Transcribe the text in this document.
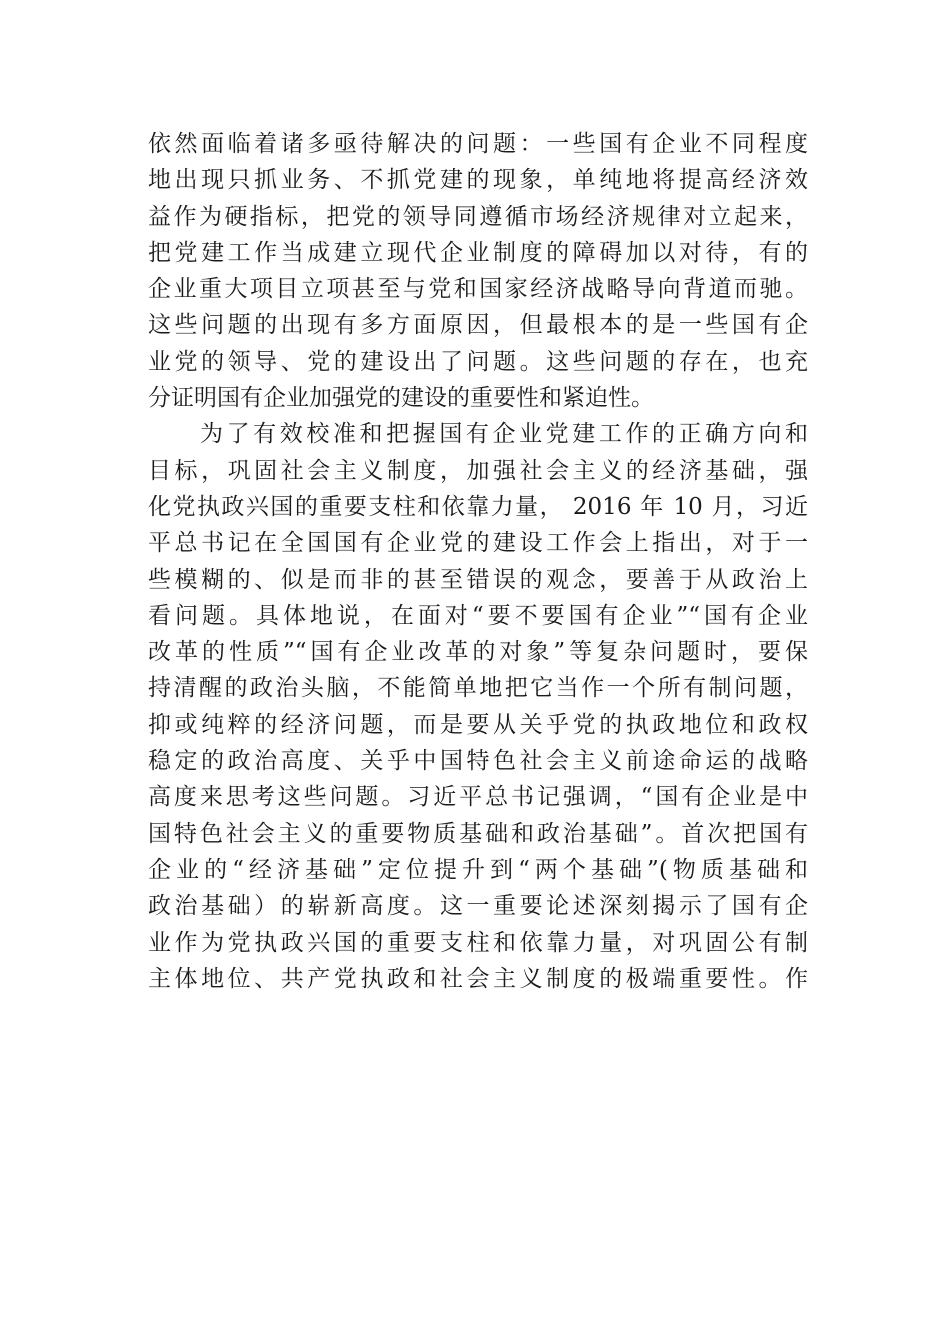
依然面临着诸多亟待解决的问题：一些国有企业不同程度
地出现只抓业务、不抓党建的现象，单纯地将提高经济效
益作为硬指标，把党的领导同遵循市场经济规律对立起来，
把党建工作当成建立现代企业制度的障碍加以对待，有的
企业重大项目立项甚至与党和国家经济战略导向背道而驰。
这些问题的出现有多方面原因，但最根本的是一些国有企
业党的领导、党的建设出了问题。这些问题的存在，也充
分证明国有企业加强党的建设的重要性和紧迫性。
为了有效校准和把握国有企业党建工作的正确方向和
目标，巩固社会主义制度，加强社会主义的经济基础，强
化党执政兴国的重要支柱和依靠力量， 2016 年 10 月，习近
平总书记在全国国有企业党的建设工作会上指出，对于一
些模糊的、似是而非的甚至错误的观念，要善于从政治上
看问题。具体地说，在面对“要不要国有企业”“国有企业
改革的性质”“国有企业改革的对象”等复杂问题时，要保
持清醒的政治头脑，不能简单地把它当作一个所有制问题，
抑或纯粹的经济问题，而是要从关乎党的执政地位和政权
稳定的政治高度、关乎中国特色社会主义前途命运的战略
高度来思考这些问题。习近平总书记强调，“国有企业是中
国特色社会主义的重要物质基础和政治基础”。首次把国有
企业的“经济基础”定位提升到“两个基础”(物质基础和
政治基础）的崭新高度。这一重要论述深刻揭示了国有企
业作为党执政兴国的重要支柱和依靠力量，对巩固公有制
主体地位、共产党执政和社会主义制度的极端重要性。作
